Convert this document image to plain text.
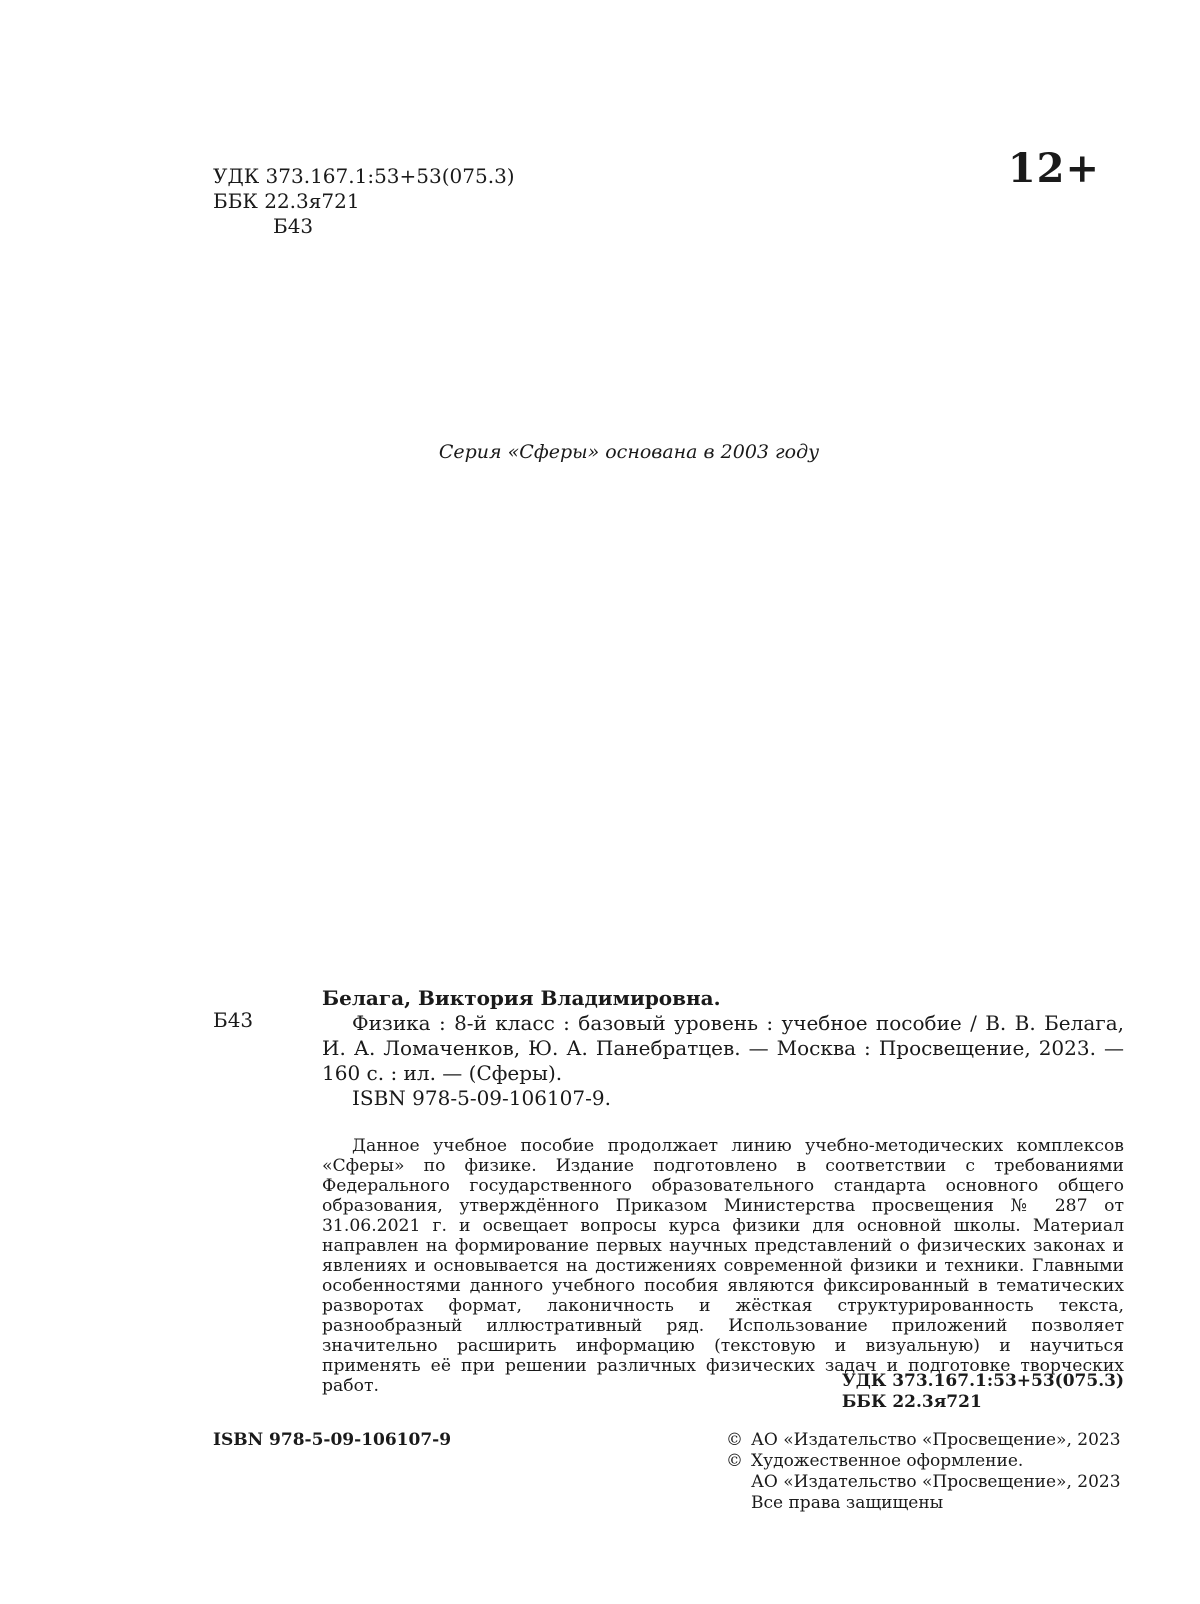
УДК 373.167.1:53+53(075.3)
ББК 22.3я721
Б43
12+
Серия «Сферы» основана в 2003 году
Б43
Белага, Виктория Владимировна.
Физика : 8-й класс : базовый уровень : учебное пособие / В. В. Белага, И. А. Ломаченков, Ю. А. Панебратцев. — Москва : Просвещение, 2023. — 160 с. : ил. — (Сферы).
ISBN 978-5-09-106107-9.
Данное учебное пособие продолжает линию учебно-методических комплексов «Сферы» по физике. Издание подготовлено в соответствии с требованиями Федерального государственного образовательного стандарта основного общего образования, утверждённого Приказом Министерства просвещения № 287 от 31.06.2021 г. и освещает вопросы курса физики для основной школы. Материал направлен на формирование первых научных представлений о физических законах и явлениях и основывается на достижениях современной физики и техники. Главными особенностями данного учебного пособия являются фиксированный в тематических разворотах формат, лаконичность и жёсткая структурированность текста, разнообразный иллюстративный ряд. Использование приложений позволяет значительно расширить информацию (текстовую и визуальную) и научиться применять её при решении различных физических задач и подготовке творческих работ.	УДК 373.167.1:53+53(075.3)
ББК 22.3я721
ISBN 978-5-09-106107-9	© АО «Издательство «Просвещение», 2023
© Художественное оформление.
АО «Издательство «Просвещение», 2023
Все права защищены
